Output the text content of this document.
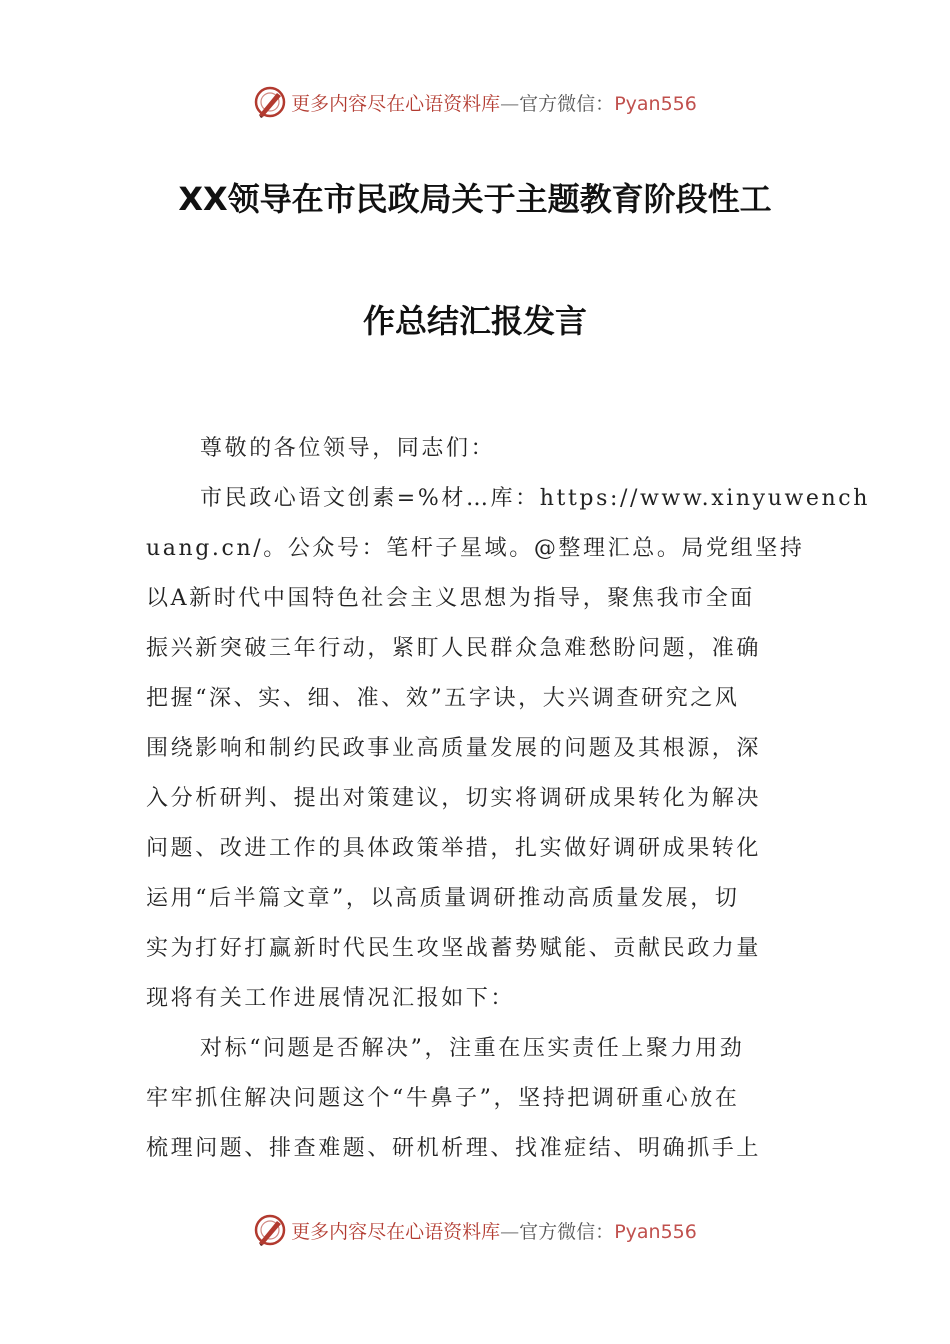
更多内容尽在心语资料库—官方微信：Pyan556
XX领导在市民政局关于主题教育阶段性工
作总结汇报发言
尊敬的各位领导，同志们：
市民政心语文创素=%材…库：https://www.xinyuwench
uang.cn/。公众号：笔杆子星域。@整理汇总。局党组坚持
以A新时代中国特色社会主义思想为指导，聚焦我市全面
振兴新突破三年行动，紧盯人民群众急难愁盼问题，准确
把握“深、实、细、准、效”五字诀，大兴调查研究之风
围绕影响和制约民政事业高质量发展的问题及其根源，深
入分析研判、提出对策建议，切实将调研成果转化为解决
问题、改进工作的具体政策举措，扎实做好调研成果转化
运用“后半篇文章”，以高质量调研推动高质量发展，切
实为打好打赢新时代民生攻坚战蓄势赋能、贡献民政力量
现将有关工作进展情况汇报如下：
对标“问题是否解决”，注重在压实责任上聚力用劲
牢牢抓住解决问题这个“牛鼻子”，坚持把调研重心放在
梳理问题、排查难题、研机析理、找准症结、明确抓手上
更多内容尽在心语资料库—官方微信：Pyan556
